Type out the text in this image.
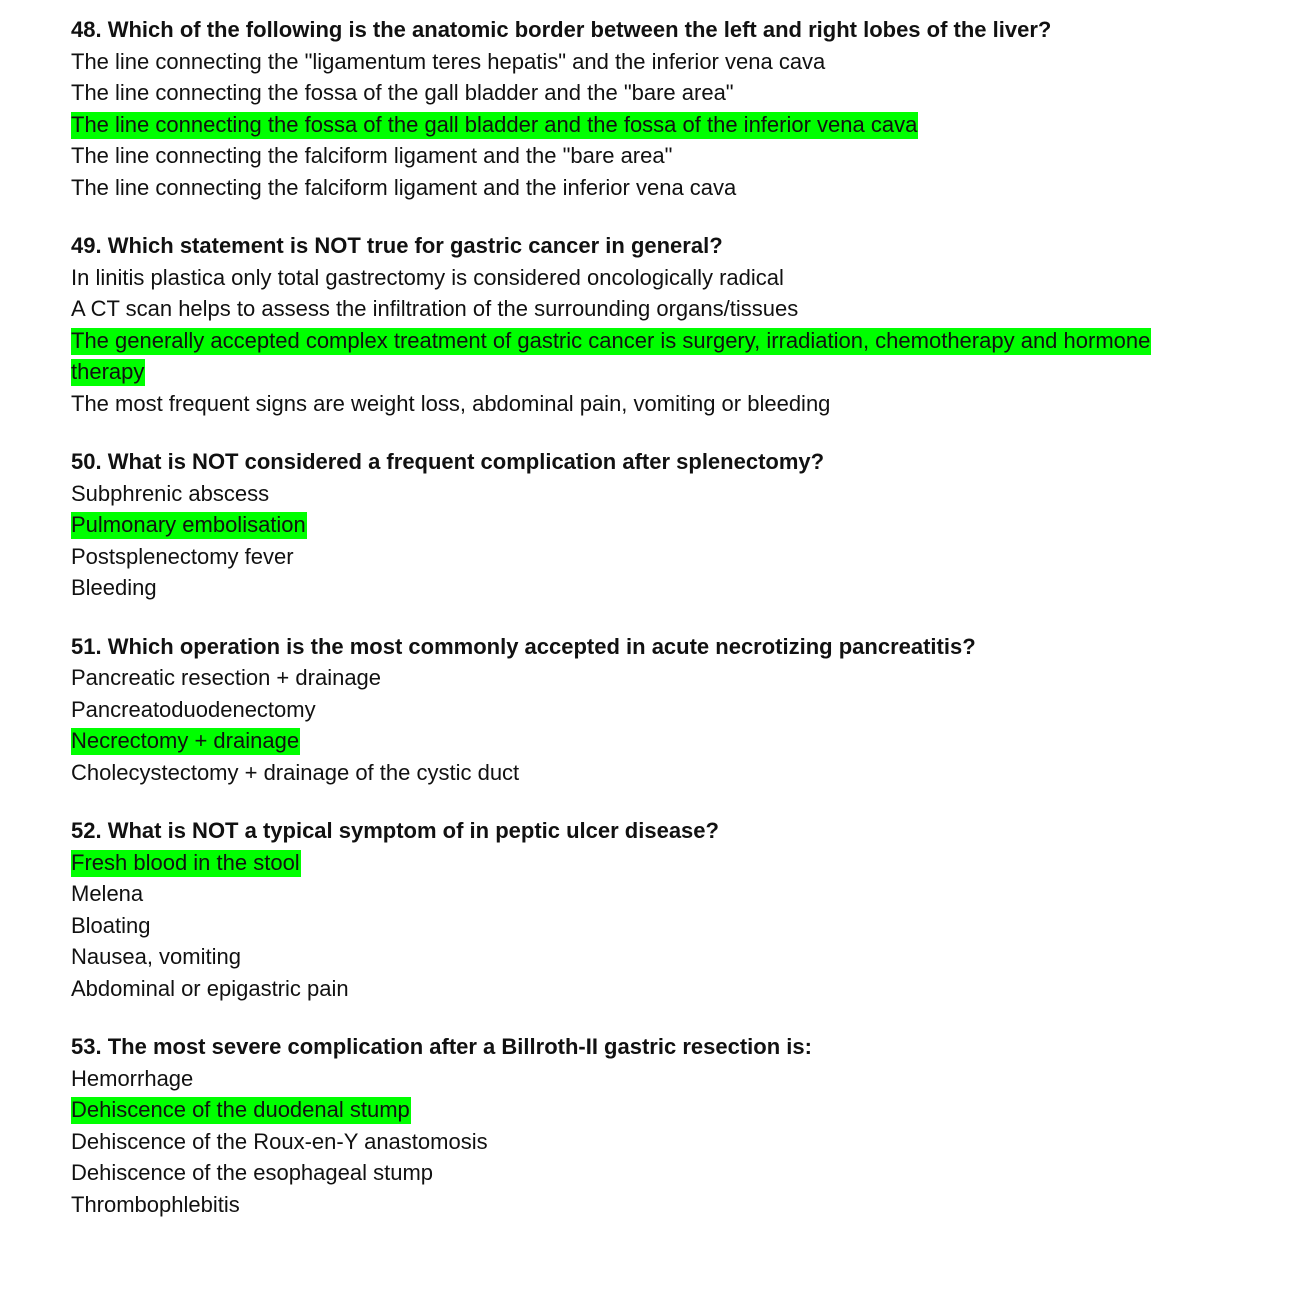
48. Which of the following is the anatomic border between the left and right lobes of the liver?
The line connecting the "ligamentum teres hepatis" and the inferior vena cava
The line connecting the fossa of the gall bladder and the "bare area"
The line connecting the fossa of the gall bladder and the fossa of the inferior vena cava
The line connecting the falciform ligament and the "bare area"
The line connecting the falciform ligament and the inferior vena cava
49. Which statement is NOT true for gastric cancer in general?
In linitis plastica only total gastrectomy is considered oncologically radical
A CT scan helps to assess the infiltration of the surrounding organs/tissues
The generally accepted complex treatment of gastric cancer is surgery, irradiation, chemotherapy and hormone therapy
The most frequent signs are weight loss, abdominal pain, vomiting or bleeding
50. What is NOT considered a frequent complication after splenectomy?
Subphrenic abscess
Pulmonary embolisation
Postsplenectomy fever
Bleeding
51. Which operation is the most commonly accepted in acute necrotizing pancreatitis?
Pancreatic resection + drainage
Pancreatoduodenectomy
Necrectomy + drainage
Cholecystectomy + drainage of the cystic duct
52. What is NOT a typical symptom of in peptic ulcer disease?
Fresh blood in the stool
Melena
Bloating
Nausea, vomiting
Abdominal or epigastric pain
53. The most severe complication after a Billroth-II gastric resection is:
Hemorrhage
Dehiscence of the duodenal stump
Dehiscence of the Roux-en-Y anastomosis
Dehiscence of the esophageal stump
Thrombophlebitis
